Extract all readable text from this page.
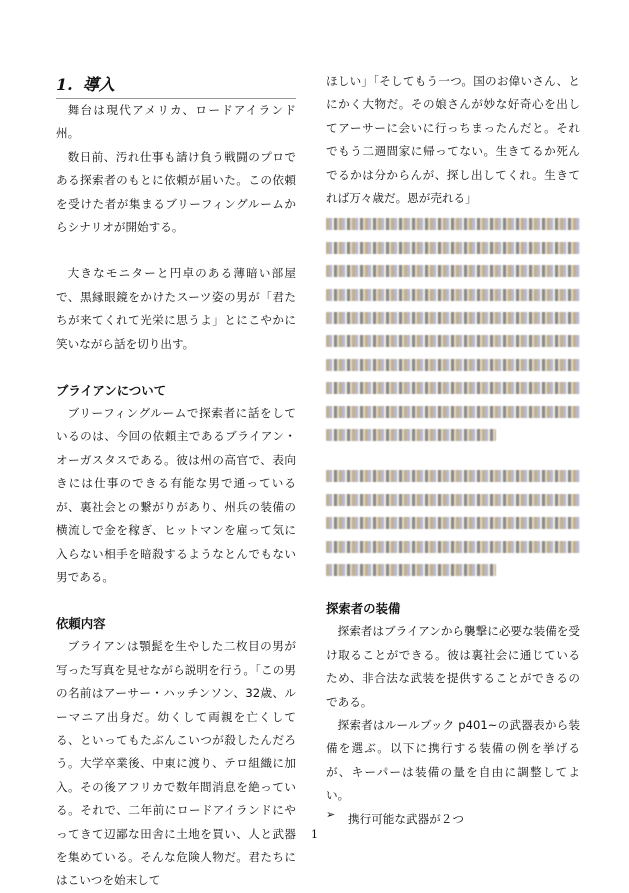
1. 導入

舞台は現代アメリカ、ロードアイランド州。

数日前、汚れ仕事も請け負う戦闘のプロである探索者のもとに依頼が届いた。この依頼を受けた者が集まるブリーフィングルームからシナリオが開始する。

大きなモニターと円卓のある薄暗い部屋で、黒縁眼鏡をかけたスーツ姿の男が「君たちが来てくれて光栄に思うよ」とにこやかに笑いながら話を切り出す。

ブライアンについて

ブリーフィングルームで探索者に話をしているのは、今回の依頼主であるブライアン・オーガスタスである。彼は州の高官で、表向きには仕事のできる有能な男で通っているが、裏社会との繋がりがあり、州兵の装備の横流しで金を稼ぎ、ヒットマンを雇って気に入らない相手を暗殺するようなとんでもない男である。

依頼内容

ブライアンは顎髭を生やした二枚目の男が写った写真を見せながら説明を行う。「この男の名前はアーサー・ハッチンソン、32歳、ルーマニア出身だ。幼くして両親を亡くしてる、といってもたぶんこいつが殺したんだろう。大学卒業後、中東に渡り、テロ組織に加入。その後アフリカで数年間消息を絶っている。それで、二年前にロードアイランドにやってきて辺鄙な田舎に土地を買い、人と武器を集めている。そんな危険人物だ。君たちにはこいつを始末して

ほしい」「そしてもう一つ。国のお偉いさん、とにかく大物だ。その娘さんが妙な好奇心を出してアーサーに会いに行っちまったんだと。それでもう二週間家に帰ってない。生きてるか死んでるかは分からんが、探し出してくれ。生きてれば万々歳だ。恩が売れる」

探索者の装備

探索者はブライアンから襲撃に必要な装備を受け取ることができる。彼は裏社会に通じているため、非合法な武装を提供することができるのである。

探索者はルールブック p401~の武器表から装備を選ぶ。以下に携行する装備の例を挙げるが、キーパーは装備の量を自由に調整してよい。

➢	携行可能な武器が２つ

1
